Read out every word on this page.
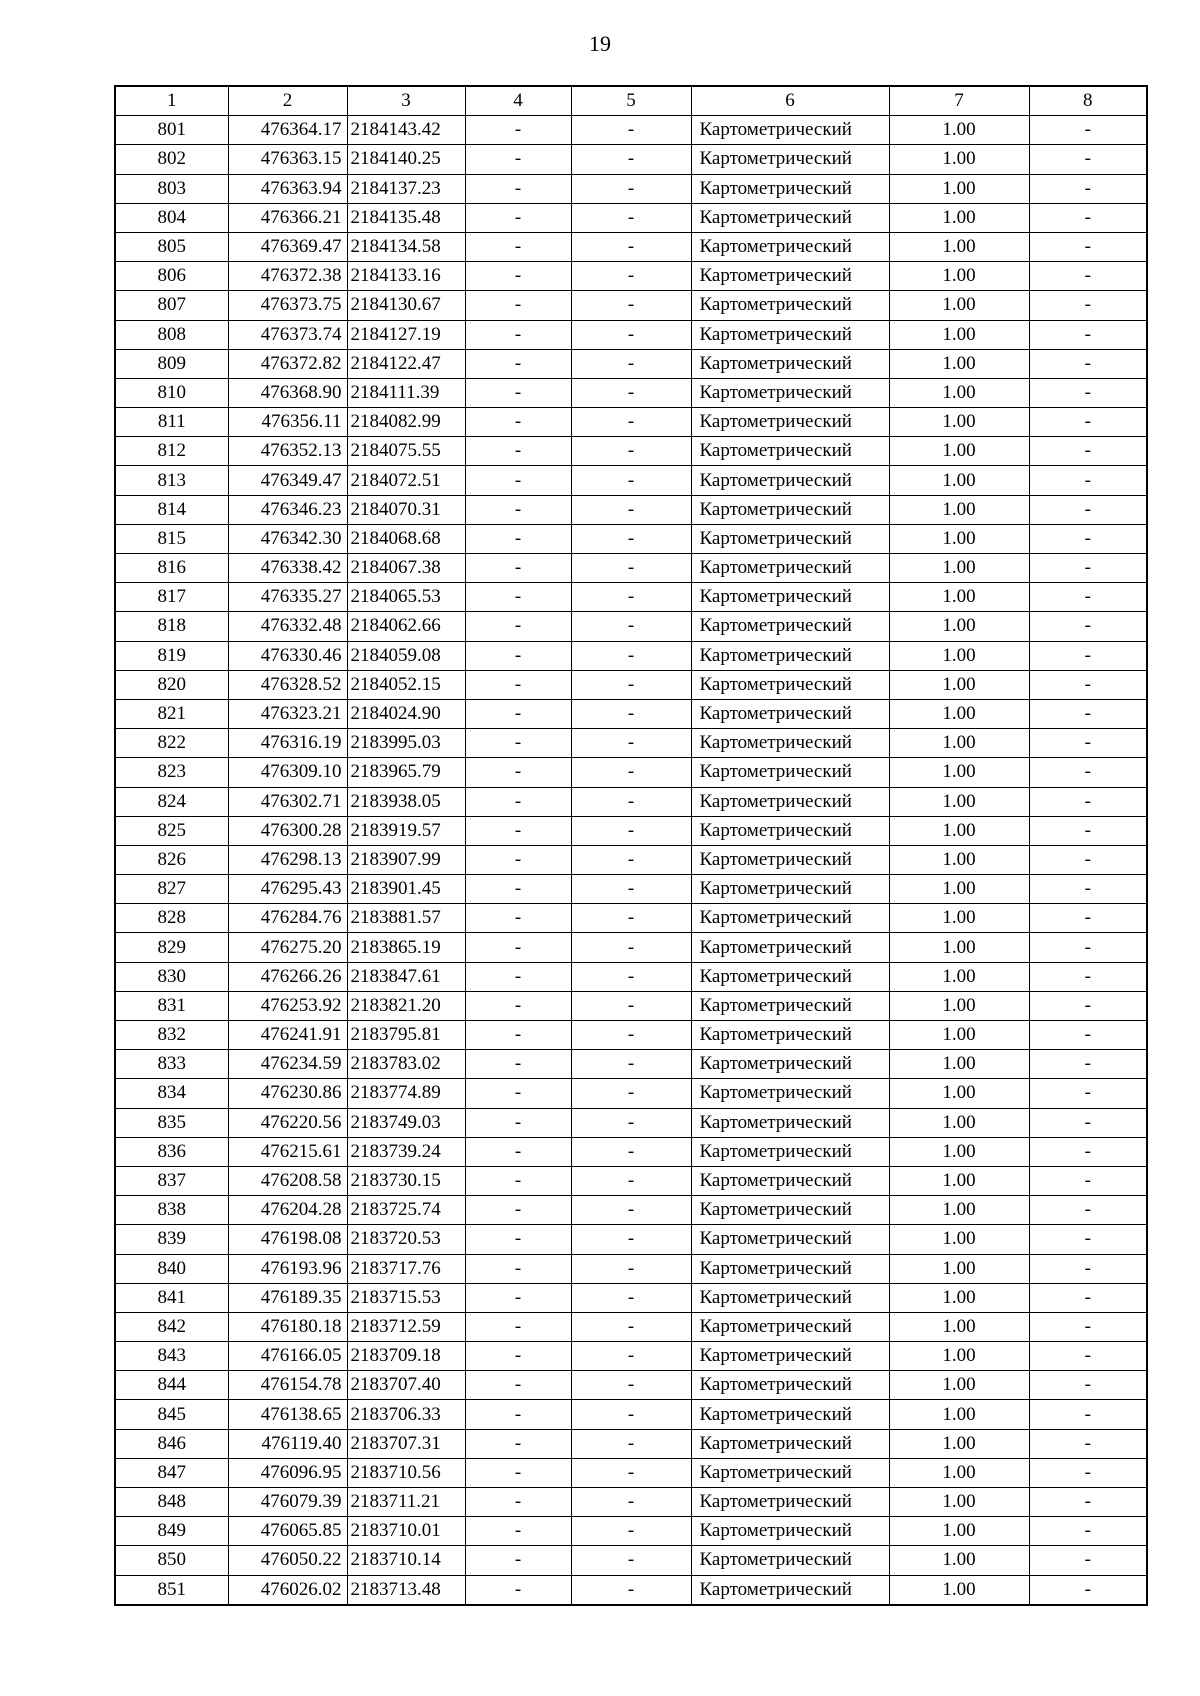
19
1	2	3	4	5	6	7	8
801	476364.17	2184143.42	-	-	Картометрический	1.00	-
802	476363.15	2184140.25	-	-	Картометрический	1.00	-
803	476363.94	2184137.23	-	-	Картометрический	1.00	-
804	476366.21	2184135.48	-	-	Картометрический	1.00	-
805	476369.47	2184134.58	-	-	Картометрический	1.00	-
806	476372.38	2184133.16	-	-	Картометрический	1.00	-
807	476373.75	2184130.67	-	-	Картометрический	1.00	-
808	476373.74	2184127.19	-	-	Картометрический	1.00	-
809	476372.82	2184122.47	-	-	Картометрический	1.00	-
810	476368.90	2184111.39	-	-	Картометрический	1.00	-
811	476356.11	2184082.99	-	-	Картометрический	1.00	-
812	476352.13	2184075.55	-	-	Картометрический	1.00	-
813	476349.47	2184072.51	-	-	Картометрический	1.00	-
814	476346.23	2184070.31	-	-	Картометрический	1.00	-
815	476342.30	2184068.68	-	-	Картометрический	1.00	-
816	476338.42	2184067.38	-	-	Картометрический	1.00	-
817	476335.27	2184065.53	-	-	Картометрический	1.00	-
818	476332.48	2184062.66	-	-	Картометрический	1.00	-
819	476330.46	2184059.08	-	-	Картометрический	1.00	-
820	476328.52	2184052.15	-	-	Картометрический	1.00	-
821	476323.21	2184024.90	-	-	Картометрический	1.00	-
822	476316.19	2183995.03	-	-	Картометрический	1.00	-
823	476309.10	2183965.79	-	-	Картометрический	1.00	-
824	476302.71	2183938.05	-	-	Картометрический	1.00	-
825	476300.28	2183919.57	-	-	Картометрический	1.00	-
826	476298.13	2183907.99	-	-	Картометрический	1.00	-
827	476295.43	2183901.45	-	-	Картометрический	1.00	-
828	476284.76	2183881.57	-	-	Картометрический	1.00	-
829	476275.20	2183865.19	-	-	Картометрический	1.00	-
830	476266.26	2183847.61	-	-	Картометрический	1.00	-
831	476253.92	2183821.20	-	-	Картометрический	1.00	-
832	476241.91	2183795.81	-	-	Картометрический	1.00	-
833	476234.59	2183783.02	-	-	Картометрический	1.00	-
834	476230.86	2183774.89	-	-	Картометрический	1.00	-
835	476220.56	2183749.03	-	-	Картометрический	1.00	-
836	476215.61	2183739.24	-	-	Картометрический	1.00	-
837	476208.58	2183730.15	-	-	Картометрический	1.00	-
838	476204.28	2183725.74	-	-	Картометрический	1.00	-
839	476198.08	2183720.53	-	-	Картометрический	1.00	-
840	476193.96	2183717.76	-	-	Картометрический	1.00	-
841	476189.35	2183715.53	-	-	Картометрический	1.00	-
842	476180.18	2183712.59	-	-	Картометрический	1.00	-
843	476166.05	2183709.18	-	-	Картометрический	1.00	-
844	476154.78	2183707.40	-	-	Картометрический	1.00	-
845	476138.65	2183706.33	-	-	Картометрический	1.00	-
846	476119.40	2183707.31	-	-	Картометрический	1.00	-
847	476096.95	2183710.56	-	-	Картометрический	1.00	-
848	476079.39	2183711.21	-	-	Картометрический	1.00	-
849	476065.85	2183710.01	-	-	Картометрический	1.00	-
850	476050.22	2183710.14	-	-	Картометрический	1.00	-
851	476026.02	2183713.48	-	-	Картометрический	1.00	-
